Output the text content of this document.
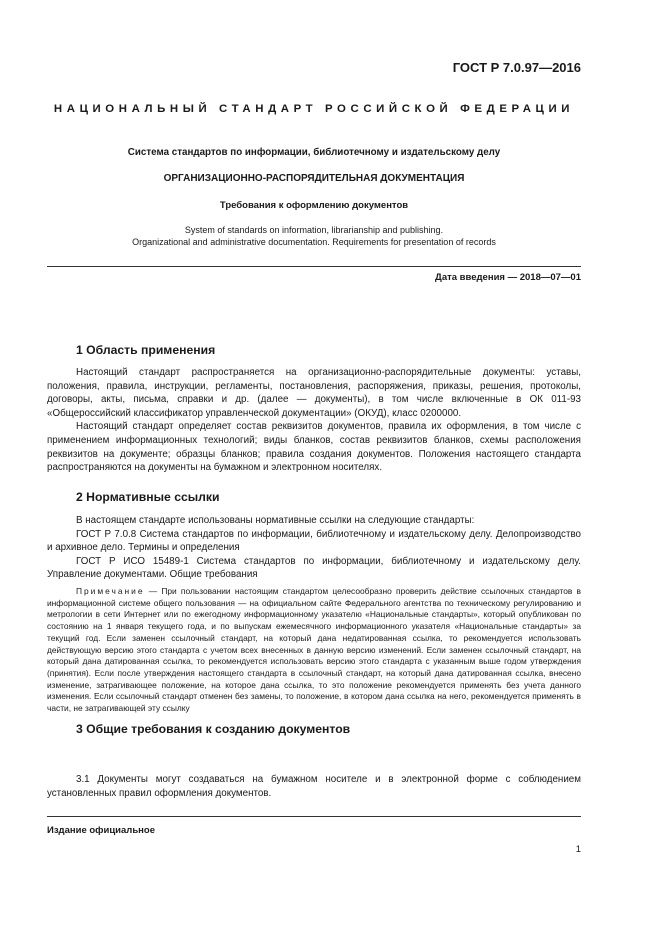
ГОСТ Р 7.0.97—2016
НАЦИОНАЛЬНЫЙ СТАНДАРТ РОССИЙСКОЙ ФЕДЕРАЦИИ
Система стандартов по информации, библиотечному и издательскому делу
ОРГАНИЗАЦИОННО-РАСПОРЯДИТЕЛЬНАЯ ДОКУМЕНТАЦИЯ
Требования к оформлению документов
System of standards on information, librarianship and publishing.
Organizational and administrative documentation. Requirements for presentation of records
Дата введения — 2018—07—01
1 Область применения

Настоящий стандарт распространяется на организационно-распорядительные документы: уставы, положения, правила, инструкции, регламенты, постановления, распоряжения, приказы, решения, протоколы, договоры, акты, письма, справки и др. (далее — документы), в том числе включенные в ОК 011-93 «Общероссийский классификатор управленческой документации» (ОКУД), класс 0200000.

Настоящий стандарт определяет состав реквизитов документов, правила их оформления, в том числе с применением информационных технологий; виды бланков, состав реквизитов бланков, схемы расположения реквизитов на документе; образцы бланков; правила создания документов. Положения настоящего стандарта распространяются на документы на бумажном и электронном носителях.

2 Нормативные ссылки

В настоящем стандарте использованы нормативные ссылки на следующие стандарты:

ГОСТ Р 7.0.8 Система стандартов по информации, библиотечному и издательскому делу. Делопроизводство и архивное дело. Термины и определения

ГОСТ Р ИСО 15489-1 Система стандартов по информации, библиотечному и издательскому делу. Управление документами. Общие требования

Примечание — При пользовании настоящим стандартом целесообразно проверить действие ссылочных стандартов в информационной системе общего пользования — на официальном сайте Федерального агентства по техническому регулированию и метрологии в сети Интернет или по ежегодному информационному указателю «Национальные стандарты», который опубликован по состоянию на 1 января текущего года, и по выпускам ежемесячного информационного указателя «Национальные стандарты» за текущий год. Если заменен ссылочный стандарт, на который дана недатированная ссылка, то рекомендуется использовать действующую версию этого стандарта с учетом всех внесенных в данную версию изменений. Если заменен ссылочный стандарт, на который дана датированная ссылка, то рекомендуется использовать версию этого стандарта с указанным выше годом утверждения (принятия). Если после утверждения настоящего стандарта в ссылочный стандарт, на который дана датированная ссылка, внесено изменение, затрагивающее положение, на которое дана ссылка, то это положение рекомендуется применять без учета данного изменения. Если ссылочный стандарт отменен без замены, то положение, в котором дана ссылка на него, рекомендуется применять в части, не затрагивающей эту ссылку

3 Общие требования к созданию документов

3.1 Документы могут создаваться на бумажном носителе и в электронной форме с соблюдением установленных правил оформления документов.

Издание официальное
1
